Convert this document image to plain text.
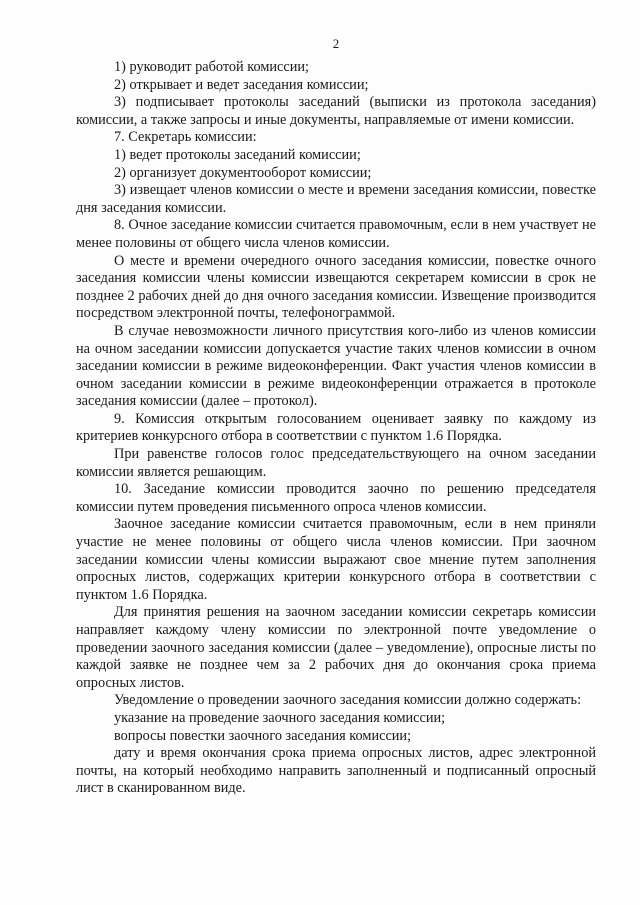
2

1) руководит работой комиссии;

2) открывает и ведет заседания комиссии;

3) подписывает протоколы заседаний (выписки из протокола заседания) комиссии, а также запросы и иные документы, направляемые от имени комиссии.

7. Секретарь комиссии:

1) ведет протоколы заседаний комиссии;

2) организует документооборот комиссии;

3) извещает членов комиссии о месте и времени заседания комиссии, повестке дня заседания комиссии.

8. Очное заседание комиссии считается правомочным, если в нем участвует не менее половины от общего числа членов комиссии.

О месте и времени очередного очного заседания комиссии, повестке очного заседания комиссии члены комиссии извещаются секретарем комиссии в срок не позднее 2 рабочих дней до дня очного заседания комиссии. Извещение производится посредством электронной почты, телефонограммой.

В случае невозможности личного присутствия кого-либо из членов комиссии на очном заседании комиссии допускается участие таких членов комиссии в очном заседании комиссии в режиме видеоконференции. Факт участия членов комиссии в очном заседании комиссии в режиме видеоконференции отражается в протоколе заседания комиссии (далее – протокол).

9. Комиссия открытым голосованием оценивает заявку по каждому из критериев конкурсного отбора в соответствии с пунктом 1.6 Порядка.

При равенстве голосов голос председательствующего на очном заседании комиссии является решающим.

10. Заседание комиссии проводится заочно по решению председателя комиссии путем проведения письменного опроса членов комиссии.

Заочное заседание комиссии считается правомочным, если в нем приняли участие не менее половины от общего числа членов комиссии. При заочном заседании комиссии члены комиссии выражают свое мнение путем заполнения опросных листов, содержащих критерии конкурсного отбора в соответствии с пунктом 1.6 Порядка.

Для принятия решения на заочном заседании комиссии секретарь комиссии направляет каждому члену комиссии по электронной почте уведомление о проведении заочного заседания комиссии (далее – уведомление), опросные листы по каждой заявке не позднее чем за 2 рабочих дня до окончания срока приема опросных листов.

Уведомление о проведении заочного заседания комиссии должно содержать:

указание на проведение заочного заседания комиссии;

вопросы повестки заочного заседания комиссии;

дату и время окончания срока приема опросных листов, адрес электронной почты, на который необходимо направить заполненный и подписанный опросный лист в сканированном виде.
